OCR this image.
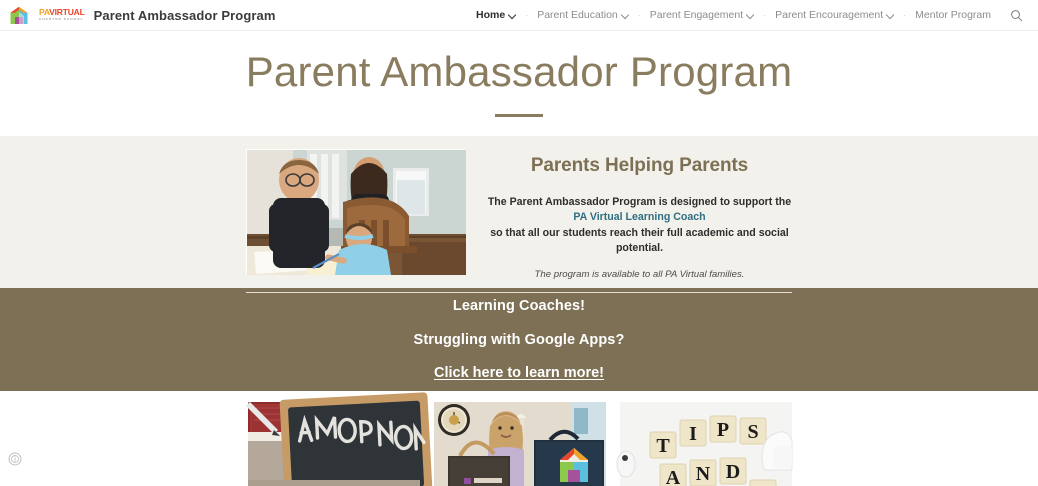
PAVIRTUAL
CHARTER SCHOOL Parent Ambassador Program	Home · Parent Education · Parent Engagement · Parent Encouragement · Mentor Program
Parent Ambassador Program
Parents Helping Parents

The Parent Ambassador Program is designed to support the
PA Virtual Learning Coach
so that all our students reach their full academic and social
potential.

The program is available to all PA Virtual families.

Learning Coaches!
Struggling with Google Apps?
Click here to learn more!
T
I P S
A N D
